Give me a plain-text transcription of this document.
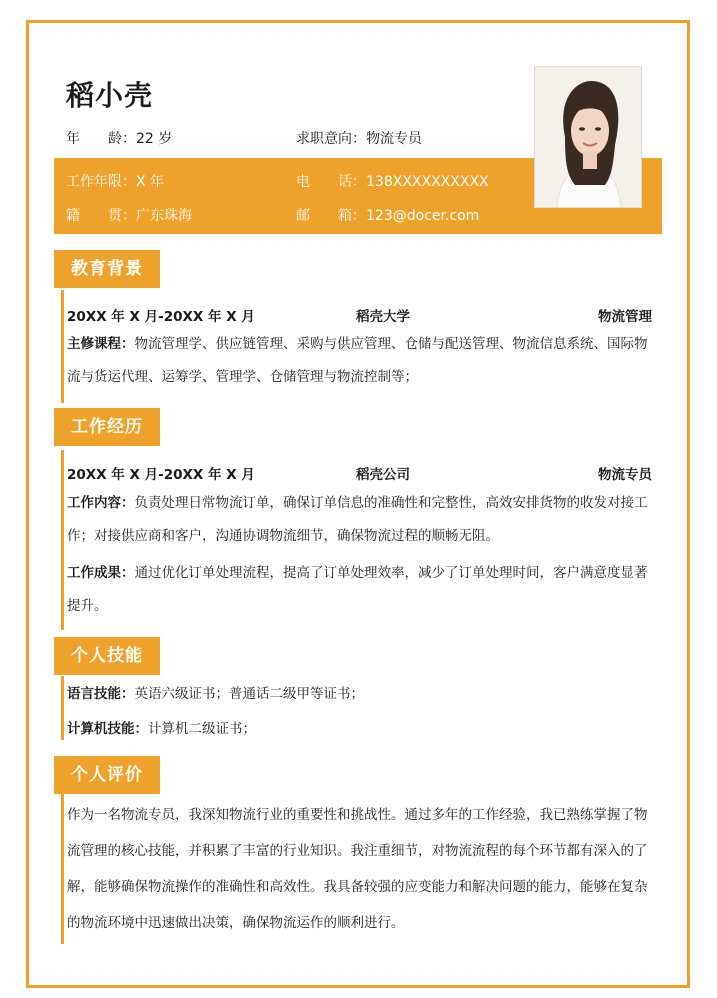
稻小壳
年　　龄：22 岁	求职意向：物流专员
工作年限：X 年	电　　话：138XXXXXXXXXX
籍　　贯：广东珠海	邮　　箱：123@docer.com
教育背景
20XX 年 X 月-20XX 年 X 月	稻壳大学	物流管理
主修课程：物流管理学、供应链管理、采购与供应管理、仓储与配送管理、物流信息系统、国际物流与货运代理、运筹学、管理学、仓储管理与物流控制等；
工作经历
20XX 年 X 月-20XX 年 X 月	稻壳公司	物流专员
工作内容：负责处理日常物流订单，确保订单信息的准确性和完整性，高效安排货物的收发对接工作；对接供应商和客户，沟通协调物流细节，确保物流过程的顺畅无阻。
工作成果：通过优化订单处理流程，提高了订单处理效率，减少了订单处理时间，客户满意度显著提升。
个人技能
语言技能：英语六级证书；普通话二级甲等证书；
计算机技能：计算机二级证书；
个人评价
作为一名物流专员，我深知物流行业的重要性和挑战性。通过多年的工作经验，我已熟练掌握了物流管理的核心技能，并积累了丰富的行业知识。我注重细节，对物流流程的每个环节都有深入的了解，能够确保物流操作的准确性和高效性。我具备较强的应变能力和解决问题的能力，能够在复杂的物流环境中迅速做出决策，确保物流运作的顺利进行。
